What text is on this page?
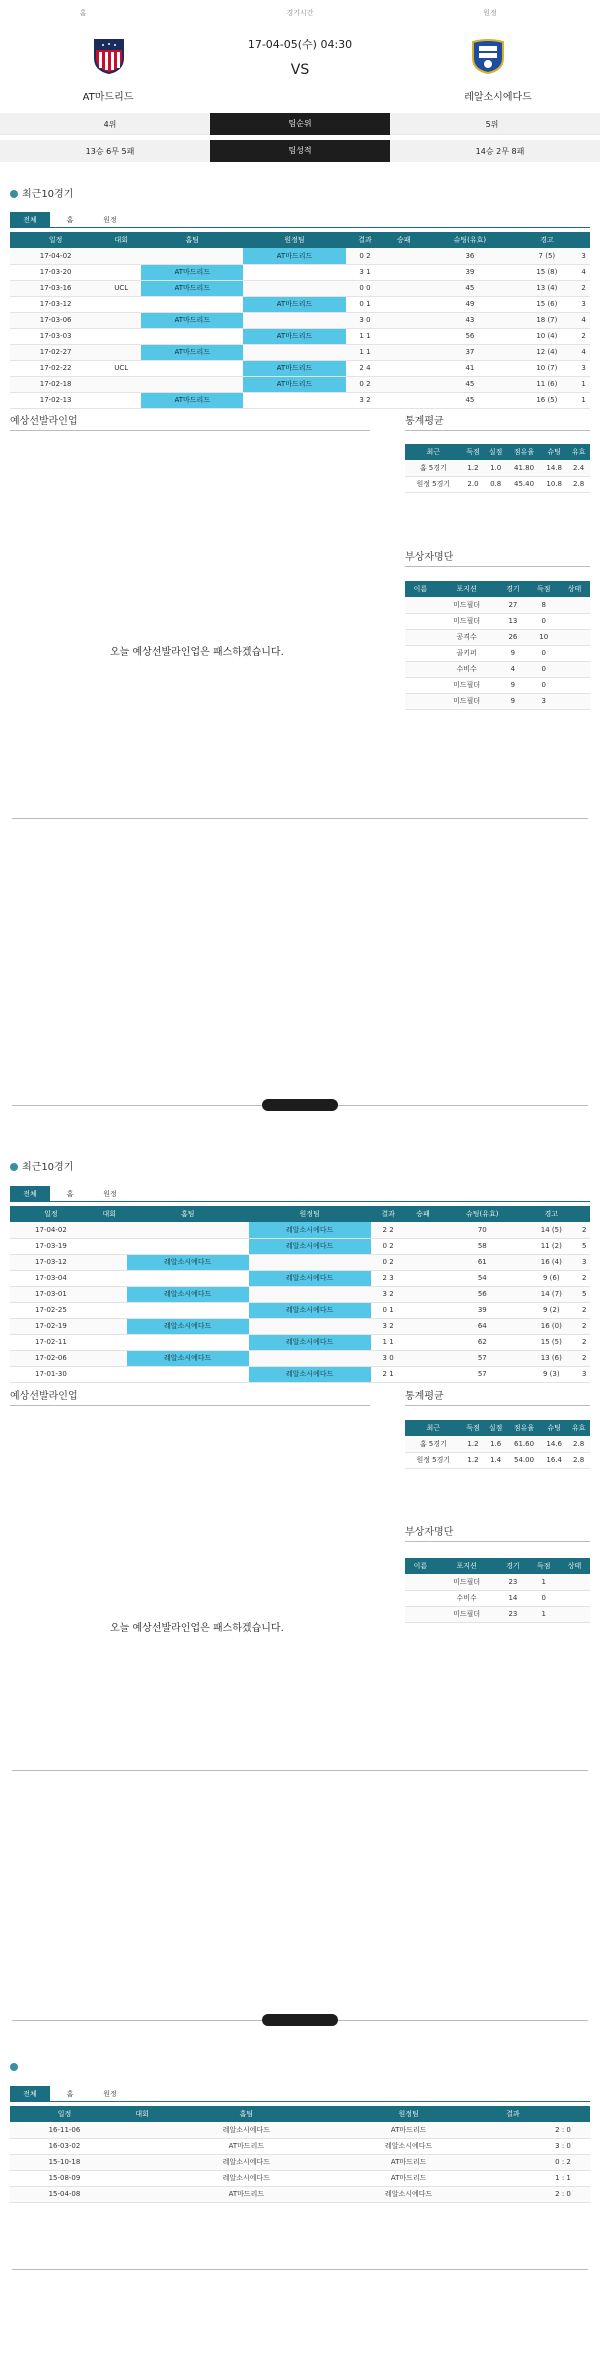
홈	경기시간	원정
17-04-05(수) 04:30
VS
AT마드리드	레알소시에다드
4위	팀순위	5위
13승 6무 5패	팀성적	14승 2무 8패
최근10경기
전체	홈	원정
일정	대회	홈팀	원정팀	결과	승패	슈팅(유효)	경고	
17-04-02			AT마드리드	0 2		36	7 (5)	3
17-03-20		AT마드리드		3 1		39	15 (8)	4
17-03-16	UCL	AT마드리드		0 0		45	13 (4)	2
17-03-12			AT마드리드	0 1		49	15 (6)	3
17-03-06		AT마드리드		3 0		43	18 (7)	4
17-03-03			AT마드리드	1 1		56	10 (4)	2
17-02-27		AT마드리드		1 1		37	12 (4)	4
17-02-22	UCL		AT마드리드	2 4		41	10 (7)	3
17-02-18			AT마드리드	0 2		45	11 (6)	1
17-02-13		AT마드리드		3 2		45	16 (5)	1
예상선발라인업
오늘 예상선발라인업은 패스하겠습니다.
통계평균
최근	득점	실점	점유율	슈팅	유효
홈 5경기	1.2	1.0	41.80	14.8	2.4
원정 5경기	2.0	0.8	45.40	10.8	2.8
부상자명단
이름	포지션	경기	득점	상태
	미드필더	27	8	
	미드필더	13	0	
	공격수	26	10	
	골키퍼	9	0	
	수비수	4	0	
	미드필더	9	0	
	미드필더	9	3	
최근10경기
전체	홈	원정
일정	대회	홈팀	원정팀	결과	승패	슈팅(유효)	경고	
17-04-02			레알소시에다드	2 2		70	14 (5)	2
17-03-19			레알소시에다드	0 2		58	11 (2)	5
17-03-12		레알소시에다드		0 2		61	16 (4)	3
17-03-04			레알소시에다드	2 3		54	9 (6)	2
17-03-01		레알소시에다드		3 2		56	14 (7)	5
17-02-25			레알소시에다드	0 1		39	9 (2)	2
17-02-19		레알소시에다드		3 2		64	16 (0)	2
17-02-11			레알소시에다드	1 1		62	15 (5)	2
17-02-06		레알소시에다드		3 0		57	13 (6)	2
17-01-30			레알소시에다드	2 1		57	9 (3)	3
예상선발라인업
오늘 예상선발라인업은 패스하겠습니다.
통계평균
최근	득점	실점	점유율	슈팅	유효
홈 5경기	1.2	1.6	61.60	14.6	2.8
원정 5경기	1.2	1.4	54.00	16.4	2.8
부상자명단
이름	포지션	경기	득점	상태
	미드필더	23	1	
	수비수	14	0	
	미드필더	23	1	
전체	홈	원정
일정	대회	홈팀	원정팀	결과				
16-11-06		레알소시에다드	AT마드리드				2 : 0	
16-03-02		AT마드리드	레알소시에다드				3 : 0	
15-10-18		레알소시에다드	AT마드리드				0 : 2	
15-08-09		레알소시에다드	AT마드리드				1 : 1	
15-04-08		AT마드리드	레알소시에다드				2 : 0	
